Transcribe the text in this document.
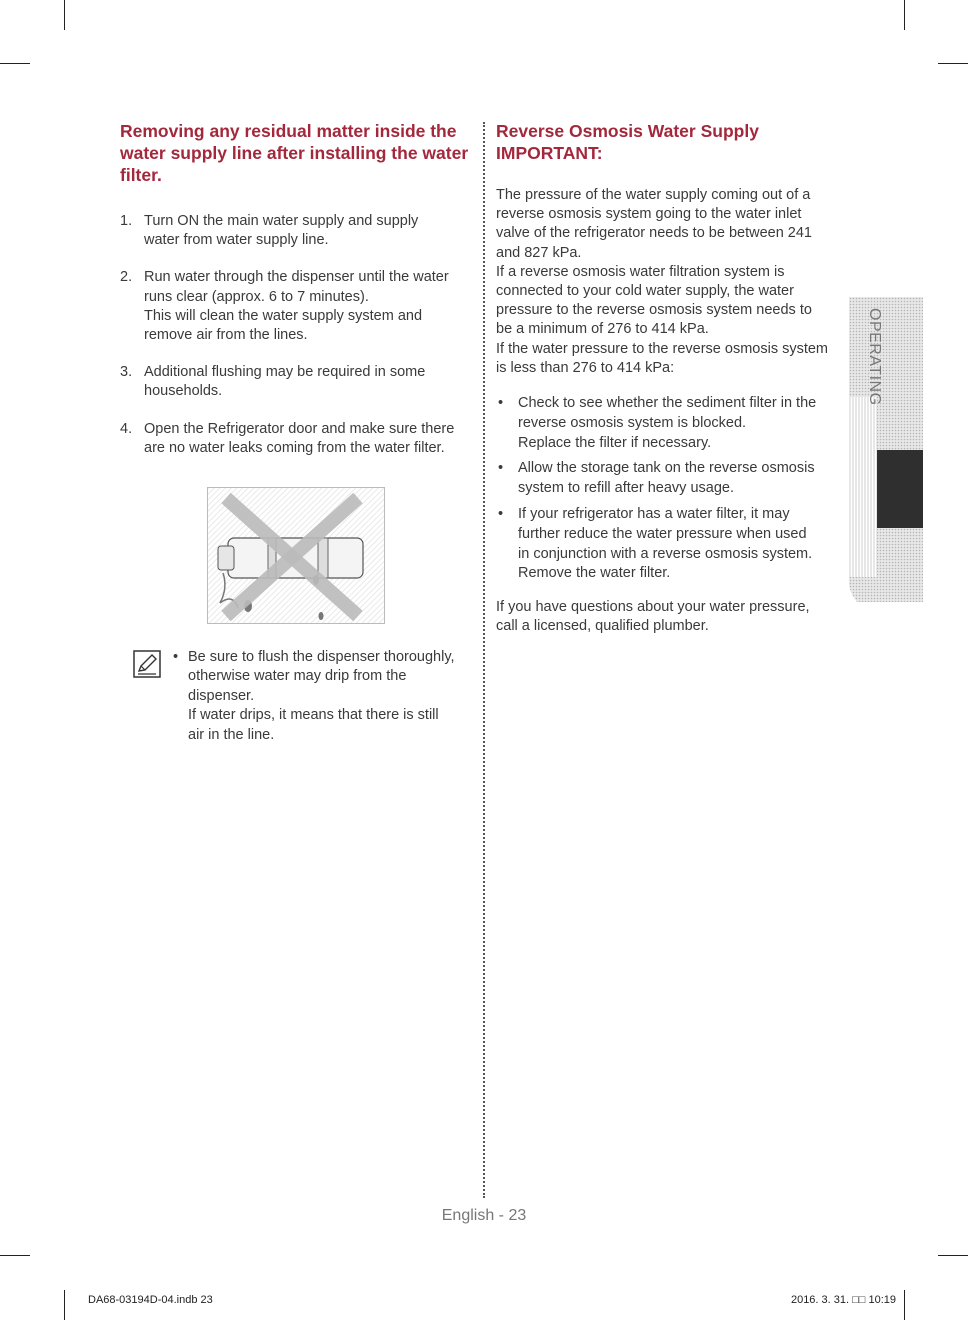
Removing any residual matter inside the water supply line after installing the water filter.
1. Turn ON the main water supply and supply
water from water supply line.
2. Run water through the dispenser until the water
runs clear (approx. 6 to 7 minutes).
This will clean the water supply system and
remove air from the lines.
3. Additional flushing may be required in some
households.
4. Open the Refrigerator door and make sure there
are no water leaks coming from the water filter.
• Be sure to flush the dispenser thoroughly,
otherwise water may drip from the
dispenser.
If water drips, it means that there is still
air in the line.
Reverse Osmosis Water Supply
IMPORTANT:
The pressure of the water supply coming out of a
reverse osmosis system going to the water inlet
valve of the refrigerator needs to be between 241
and 827 kPa.
If a reverse osmosis water filtration system is
connected to your cold water supply, the water
pressure to the reverse osmosis system needs to
be a minimum of 276 to 414 kPa.
If the water pressure to the reverse osmosis system
is less than 276 to 414 kPa:
• Check to see whether the sediment filter in the
reverse osmosis system is blocked.
Replace the filter if necessary.
• Allow the storage tank on the reverse osmosis
system to refill after heavy usage.
• If your refrigerator has a water filter, it may
further reduce the water pressure when used
in conjunction with a reverse osmosis system.
Remove the water filter.
If you have questions about your water pressure,
call a licensed, qualified plumber.
OPERATING
English - 23
DA68-03194D-04.indb 23	2016. 3. 31. □□ 10:19
